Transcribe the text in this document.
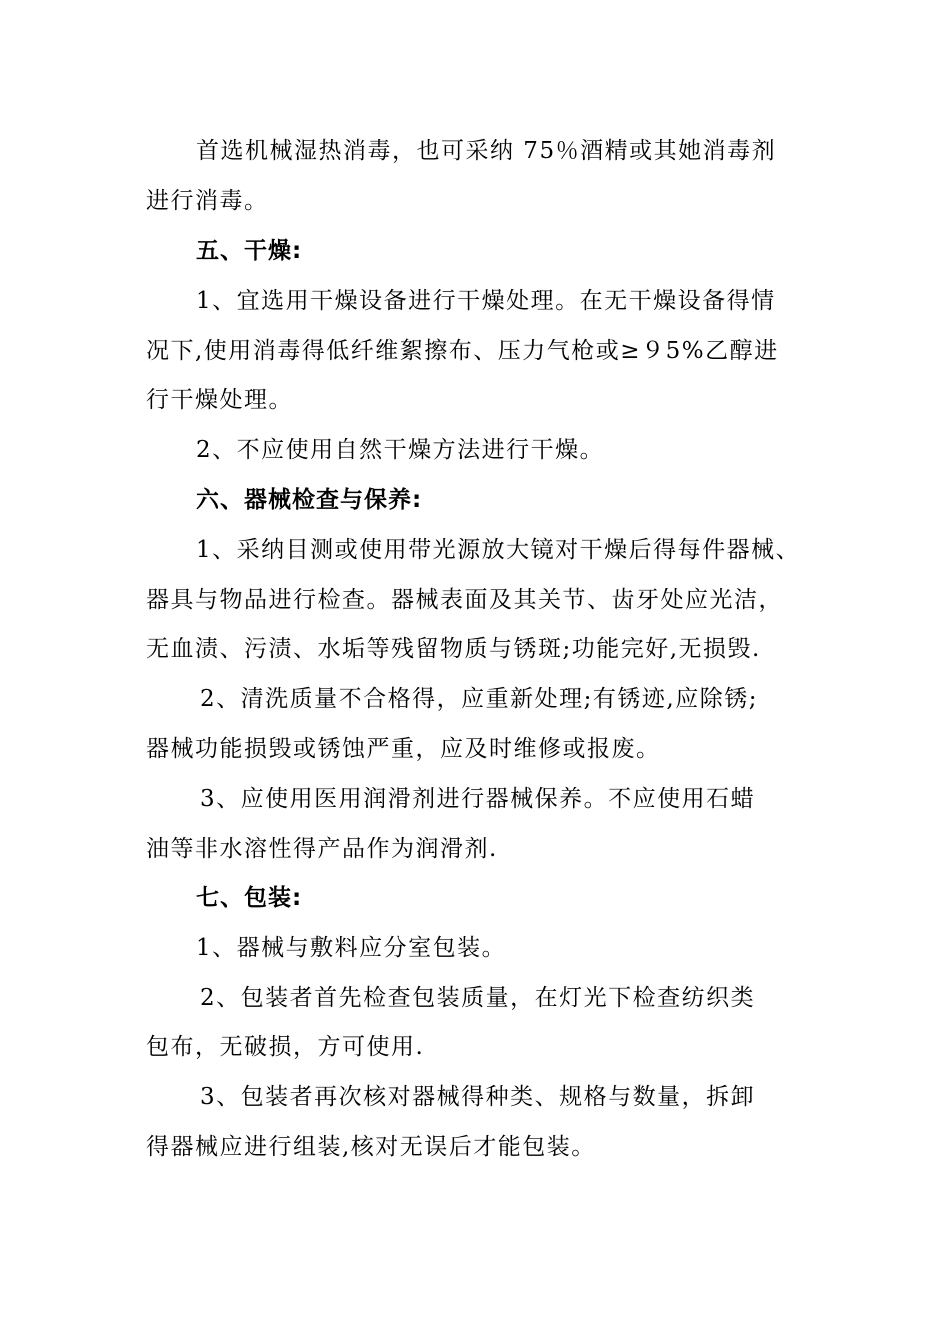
首选机械湿热消毒，也可采纳 75％酒精或其她消毒剂
进行消毒。
五、干燥:
1、宜选用干燥设备进行干燥处理。在无干燥设备得情
况下,使用消毒得低纤维絮擦布、压力气枪或≥９5%乙醇进
行干燥处理。
2、不应使用自然干燥方法进行干燥。
六、器械检查与保养:
1、采纳目测或使用带光源放大镜对干燥后得每件器械、
器具与物品进行检查。器械表面及其关节、齿牙处应光洁，
无血渍、污渍、水垢等残留物质与锈斑;功能完好,无损毁.
2、清洗质量不合格得，应重新处理;有锈迹,应除锈;
器械功能损毁或锈蚀严重，应及时维修或报废。
3、应使用医用润滑剂进行器械保养。不应使用石蜡
油等非水溶性得产品作为润滑剂.
七、包装:
1、器械与敷料应分室包装。
2、包装者首先检查包装质量，在灯光下检查纺织类
包布，无破损，方可使用.
3、包装者再次核对器械得种类、规格与数量，拆卸
得器械应进行组装,核对无误后才能包装。
